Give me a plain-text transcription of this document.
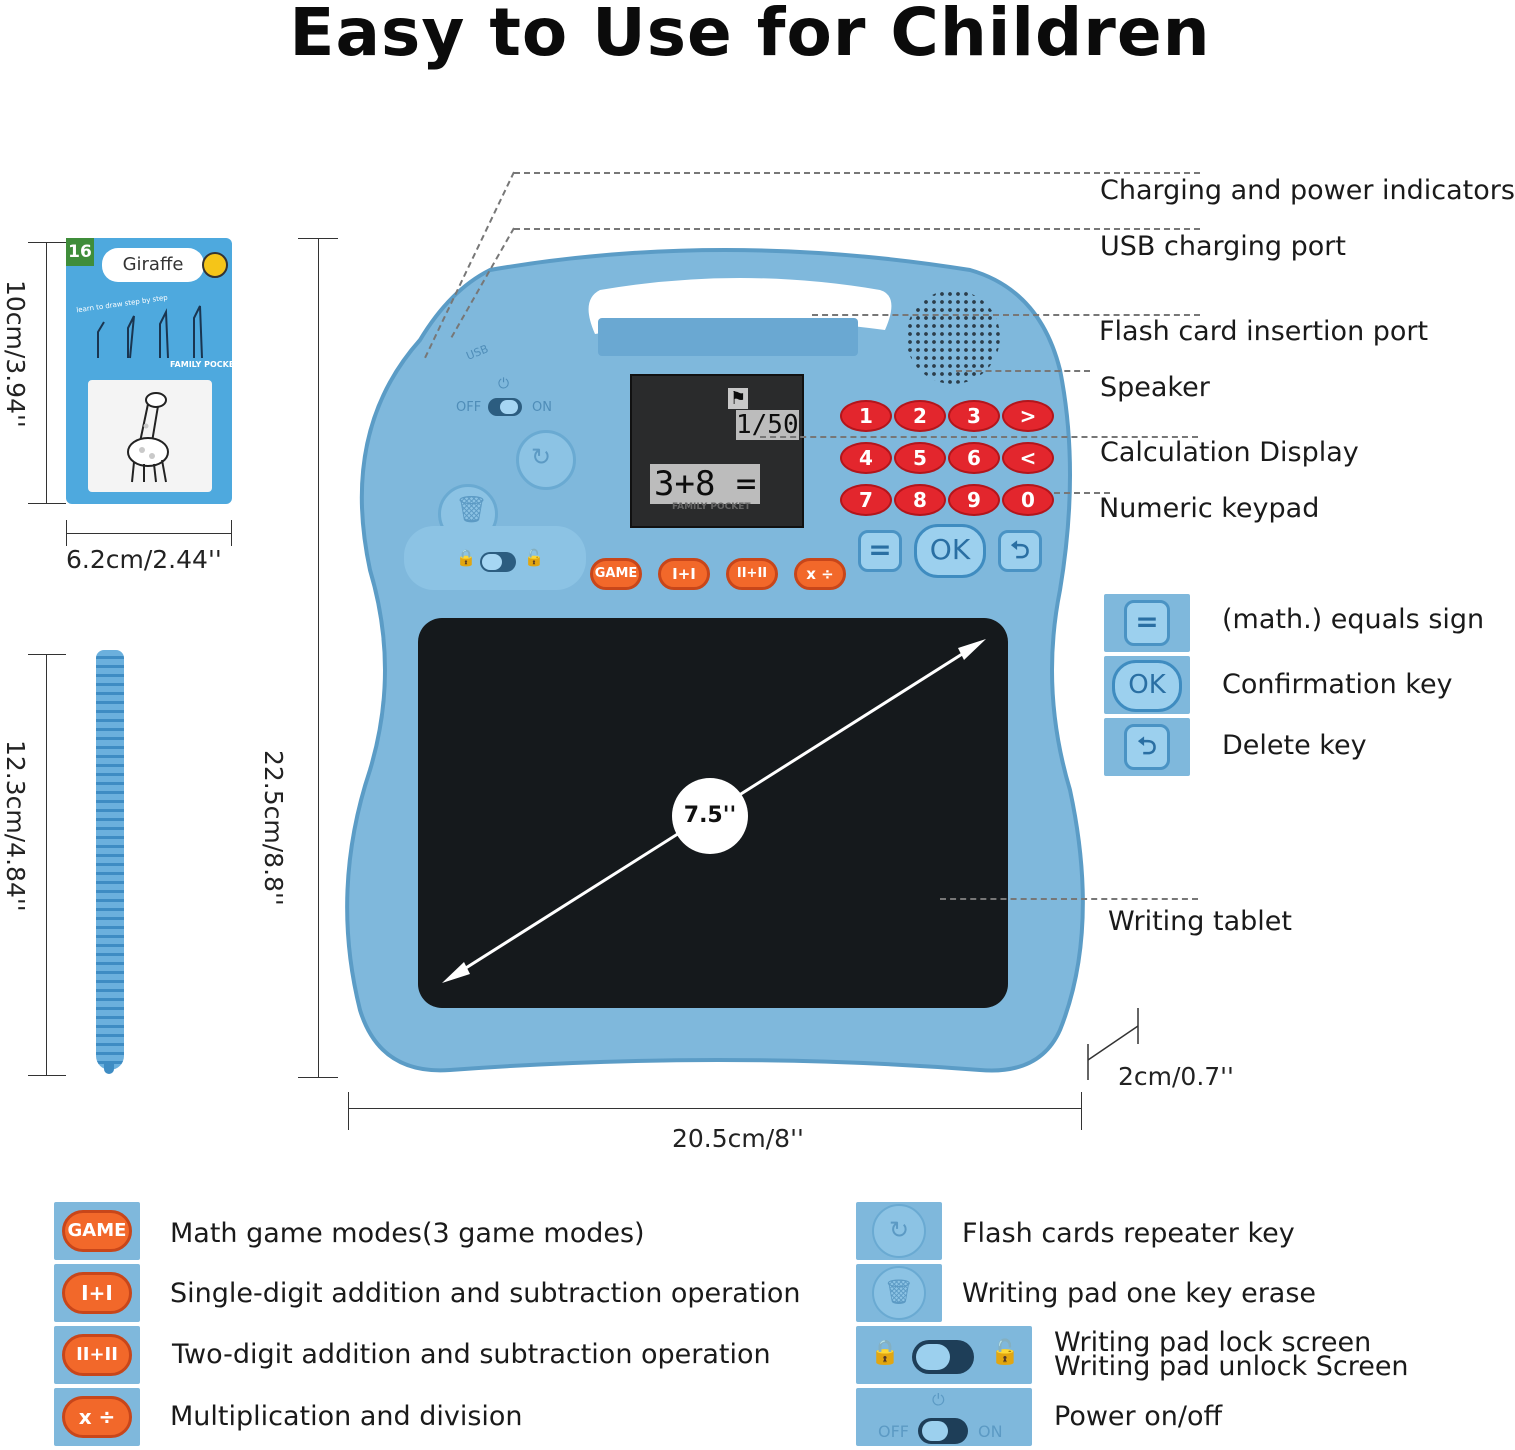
Easy to Use for Children
10cm/3.94''
16
Giraffe
learn to draw step by step
FAMILY POCKET
6.2cm/2.44''
12.3cm/4.84''	22.5cm/8.8''
USB
⏻
OFF	ON
↻
🗑
🔒	🔓
⚑
1/50
3+8 =
FAMILY POCKET
1	2	3	>
4	5	6	<
7	8	9	0
=	OK	⮌
GAME	I+I	II+II	x ÷
7.5''
Charging and power indicators
USB charging port
Flash card insertion port
Speaker
Calculation Display
Numeric keypad
Writing tablet
=	(math.) equals sign
OK	Confirmation key
⮌	Delete key
2cm/0.7''
20.5cm/8''
GAME Math game modes(3 game modes)
I+I	Single-digit addition and subtraction operation
II+II	Two-digit addition and subtraction operation
x ÷	Multiplication and division
↻	Flash cards repeater key
🗑	Writing pad one key erase
🔒	🔓 Writing pad lock screen
Writing pad unlock Screen
⏻
OFF	ON Power on/off
